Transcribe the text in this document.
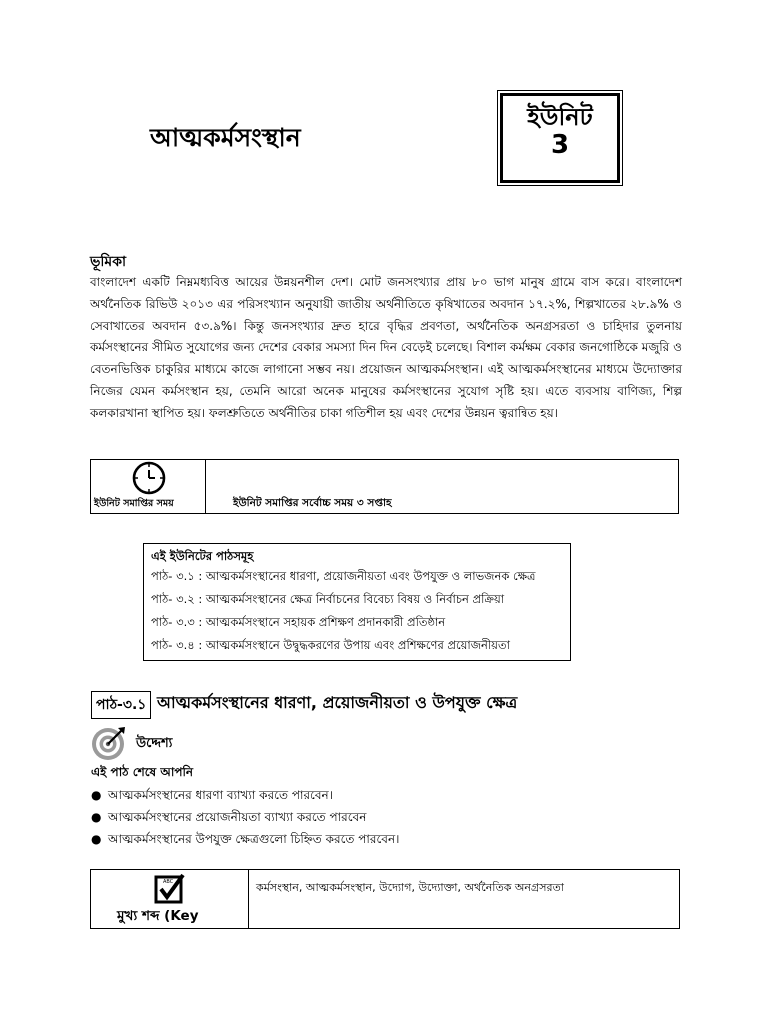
আত্মকর্মসংস্থান
ইউনিট
3
ভূমিকা
বাংলাদেশ একটি নিম্নমধ্যবিত্ত আয়ের উন্নয়নশীল দেশ। মোট জনসংখ্যার প্রায় ৮০ ভাগ মানুষ গ্রামে বাস করে। বাংলাদেশ অর্থনৈতিক রিভিউ ২০১৩ এর পরিসংখ্যান অনুযায়ী জাতীয় অর্থনীতিতে কৃষিখাতের অবদান ১৭.২%, শিল্পখাতের ২৮.৯% ও সেবাখাতের অবদান ৫৩.৯%। কিন্তু জনসংখ্যার দ্রুত হারে বৃদ্ধির প্রবণতা, অর্থনৈতিক অনগ্রসরতা ও চাহিদার তুলনায় কর্মসংস্থানের সীমিত সুযোগের জন্য দেশের বেকার সমস্যা দিন দিন বেড়েই চলেছে। বিশাল কর্মক্ষম বেকার জনগোষ্ঠিকে মজুরি ও বেতনভিত্তিক চাকুরির মাধ্যমে কাজে লাগানো সম্ভব নয়। প্রয়োজন আত্মকর্মসংস্থান। এই আত্মকর্মসংস্থানের মাধ্যমে উদ্যোক্তার নিজের যেমন কর্মসংস্থান হয়, তেমনি আরো অনেক মানুষের কর্মসংস্থানের সুযোগ সৃষ্টি হয়। এতে ব্যবসায় বাণিজ্য, শিল্প কলকারখানা স্থাপিত হয়। ফলশ্রুতিতে অর্থনীতির চাকা গতিশীল হয় এবং দেশের উন্নয়ন ত্বরান্বিত হয়।
ইউনিট সমাপ্তির সময়	ইউনিট সমাপ্তির সর্বোচ্চ সময় ৩ সপ্তাহ
এই ইউনিটের পাঠসমূহ
পাঠ- ৩.১ : আত্মকর্মসংস্থানের ধারণা, প্রয়োজনীয়তা এবং উপযুক্ত ও লাভজনক ক্ষেত্র
পাঠ- ৩.২ : আত্মকর্মসংস্থানের ক্ষেত্র নির্বাচনের বিবেচ্য বিষয় ও নির্বাচন প্রক্রিয়া
পাঠ- ৩.৩ : আত্মকর্মসংস্থানে সহায়ক প্রশিক্ষণ প্রদানকারী প্রতিষ্ঠান
পাঠ- ৩.৪ : আত্মকর্মসংস্থানে উদ্বুদ্ধকরণের উপায় এবং প্রশিক্ষণের প্রয়োজনীয়তা
পাঠ-৩.১ আত্মকর্মসংস্থানের ধারণা, প্রয়োজনীয়তা ও উপযুক্ত ক্ষেত্র
উদ্দেশ্য
এই পাঠ শেষে আপনি
● আত্মকর্মসংস্থানের ধারণা ব্যাখ্যা করতে পারবেন।
● আত্মকর্মসংস্থানের প্রয়োজনীয়তা ব্যাখ্যা করতে পারবেন
● আত্মকর্মসংস্থানের উপযুক্ত ক্ষেত্রগুলো চিহ্নিত করতে পারবেন।
ABC
মুখ্য শব্দ (Key
কর্মসংস্থান, আত্মকর্মসংস্থান, উদ্যোগ, উদ্যোক্তা, অর্থনৈতিক অনগ্রসরতা
